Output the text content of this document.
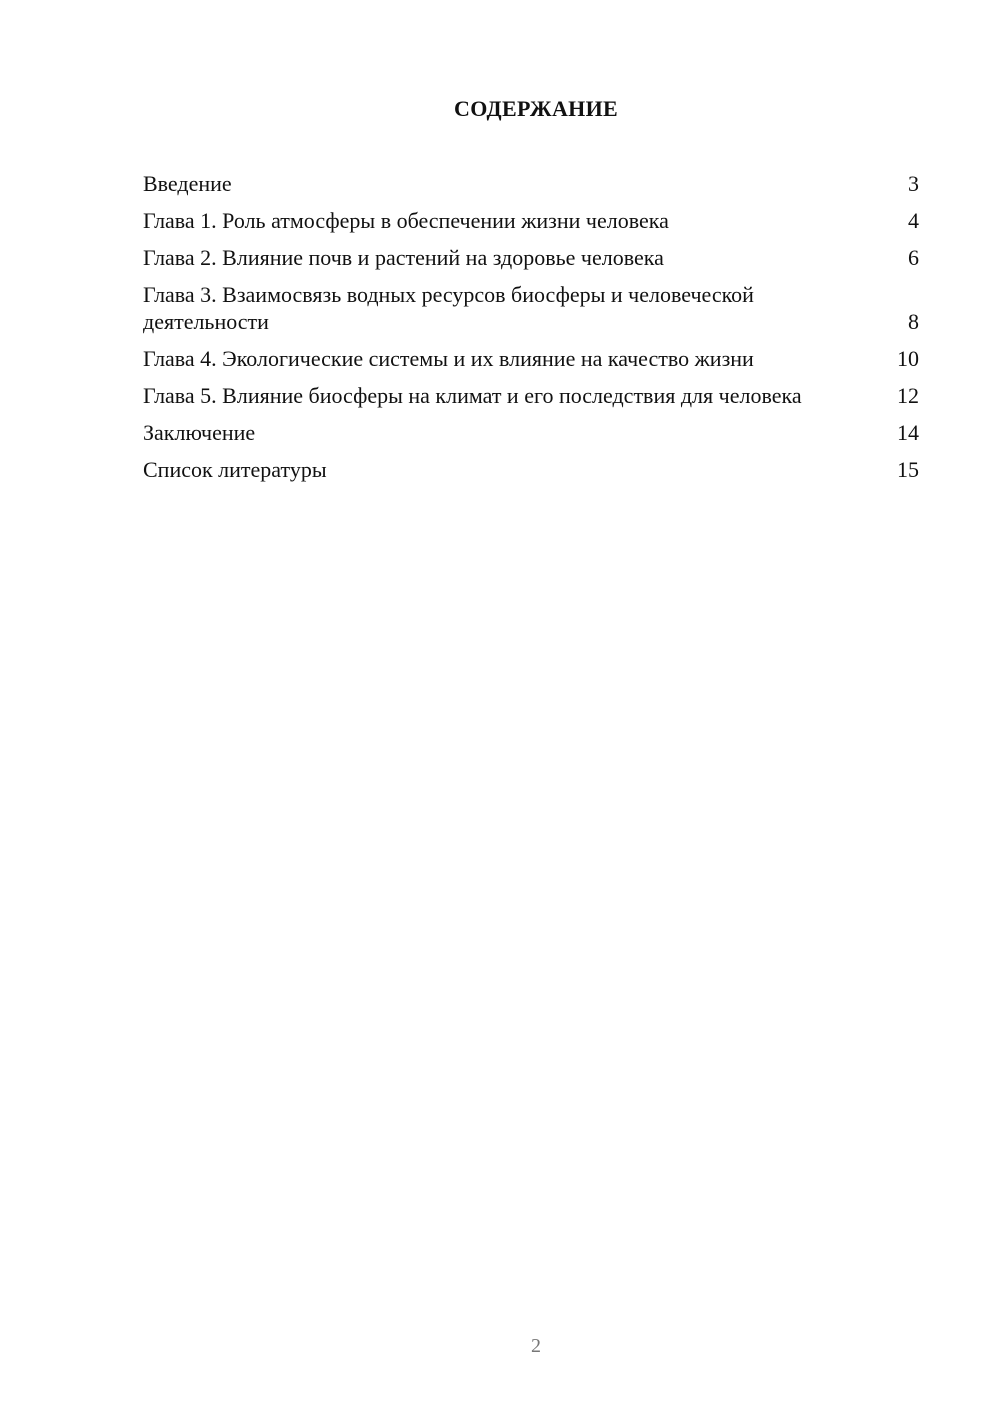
СОДЕРЖАНИЕ
Введение	3
Глава 1. Роль атмосферы в обеспечении жизни человека	4
Глава 2. Влияние почв и растений на здоровье человека	6
Глава 3. Взаимосвязь водных ресурсов биосферы и человеческой деятельности	8
Глава 4. Экологические системы и их влияние на качество жизни	10
Глава 5. Влияние биосферы на климат и его последствия для человека	12
Заключение	14
Список литературы	15
2
